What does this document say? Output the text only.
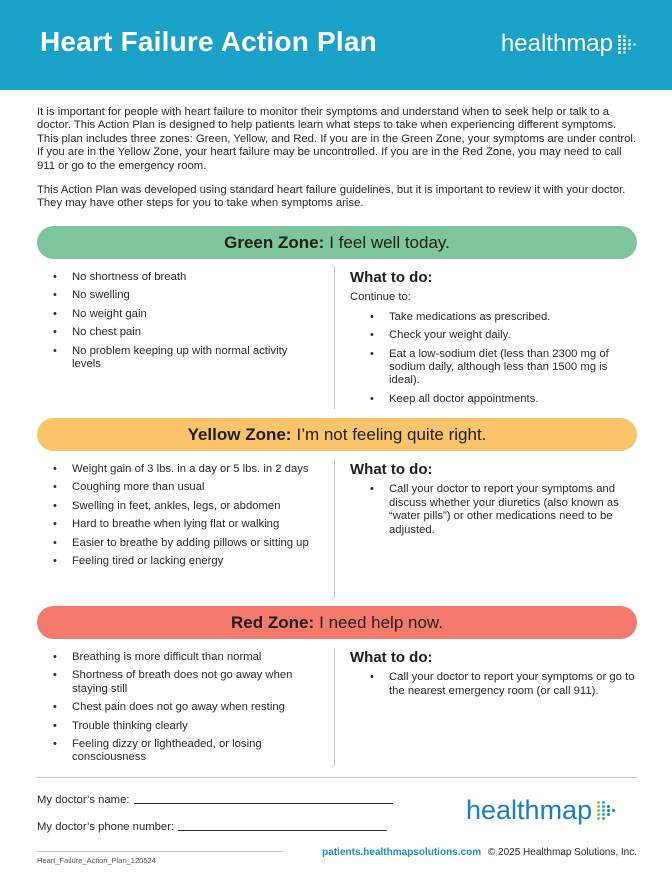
Heart Failure Action Plan	healthmap

It is important for people with heart failure to monitor their symptoms and understand when to seek help or talk to a doctor. This Action Plan is designed to help patients learn what steps to take when experiencing different symptoms. This plan includes three zones: Green, Yellow, and Red. If you are in the Green Zone, your symptoms are under control. If you are in the Yellow Zone, your heart failure may be uncontrolled. If you are in the Red Zone, you may need to call 911 or go to the emergency room.

This Action Plan was developed using standard heart failure guidelines, but it is important to review it with your doctor. They may have other steps for you to take when symptoms arise.

Green Zone: I feel well today.
• No shortness of breath
• No swelling
• No weight gain
• No chest pain
• No problem keeping up with normal activity levels
What to do:
Continue to:
• Take medications as prescribed.
• Check your weight daily.
• Eat a low-sodium diet (less than 2300 mg of sodium daily, although less than 1500 mg is ideal).
• Keep all doctor appointments.
Yellow Zone: I’m not feeling quite right.
• Weight gain of 3 lbs. in a day or 5 lbs. in 2 days
• Coughing more than usual
• Swelling in feet, ankles, legs, or abdomen
• Hard to breathe when lying flat or walking
• Easier to breathe by adding pillows or sitting up
• Feeling tired or lacking energy
What to do:
• Call your doctor to report your symptoms and discuss whether your diuretics (also known as “water pills”) or other medications need to be adjusted.
Red Zone: I need help now.
• Breathing is more difficult than normal
• Shortness of breath does not go away when staying still
• Chest pain does not go away when resting
• Trouble thinking clearly
• Feeling dizzy or lightheaded, or losing consciousness
What to do:
• Call your doctor to report your symptoms or go to the nearest emergency room (or call 911).
My doctor’s name:
My doctor’s phone number:
healthmap
Heart_Failure_Action_Plan_120524
patients.healthmapsolutions.com © 2025 Healthmap Solutions, Inc.
